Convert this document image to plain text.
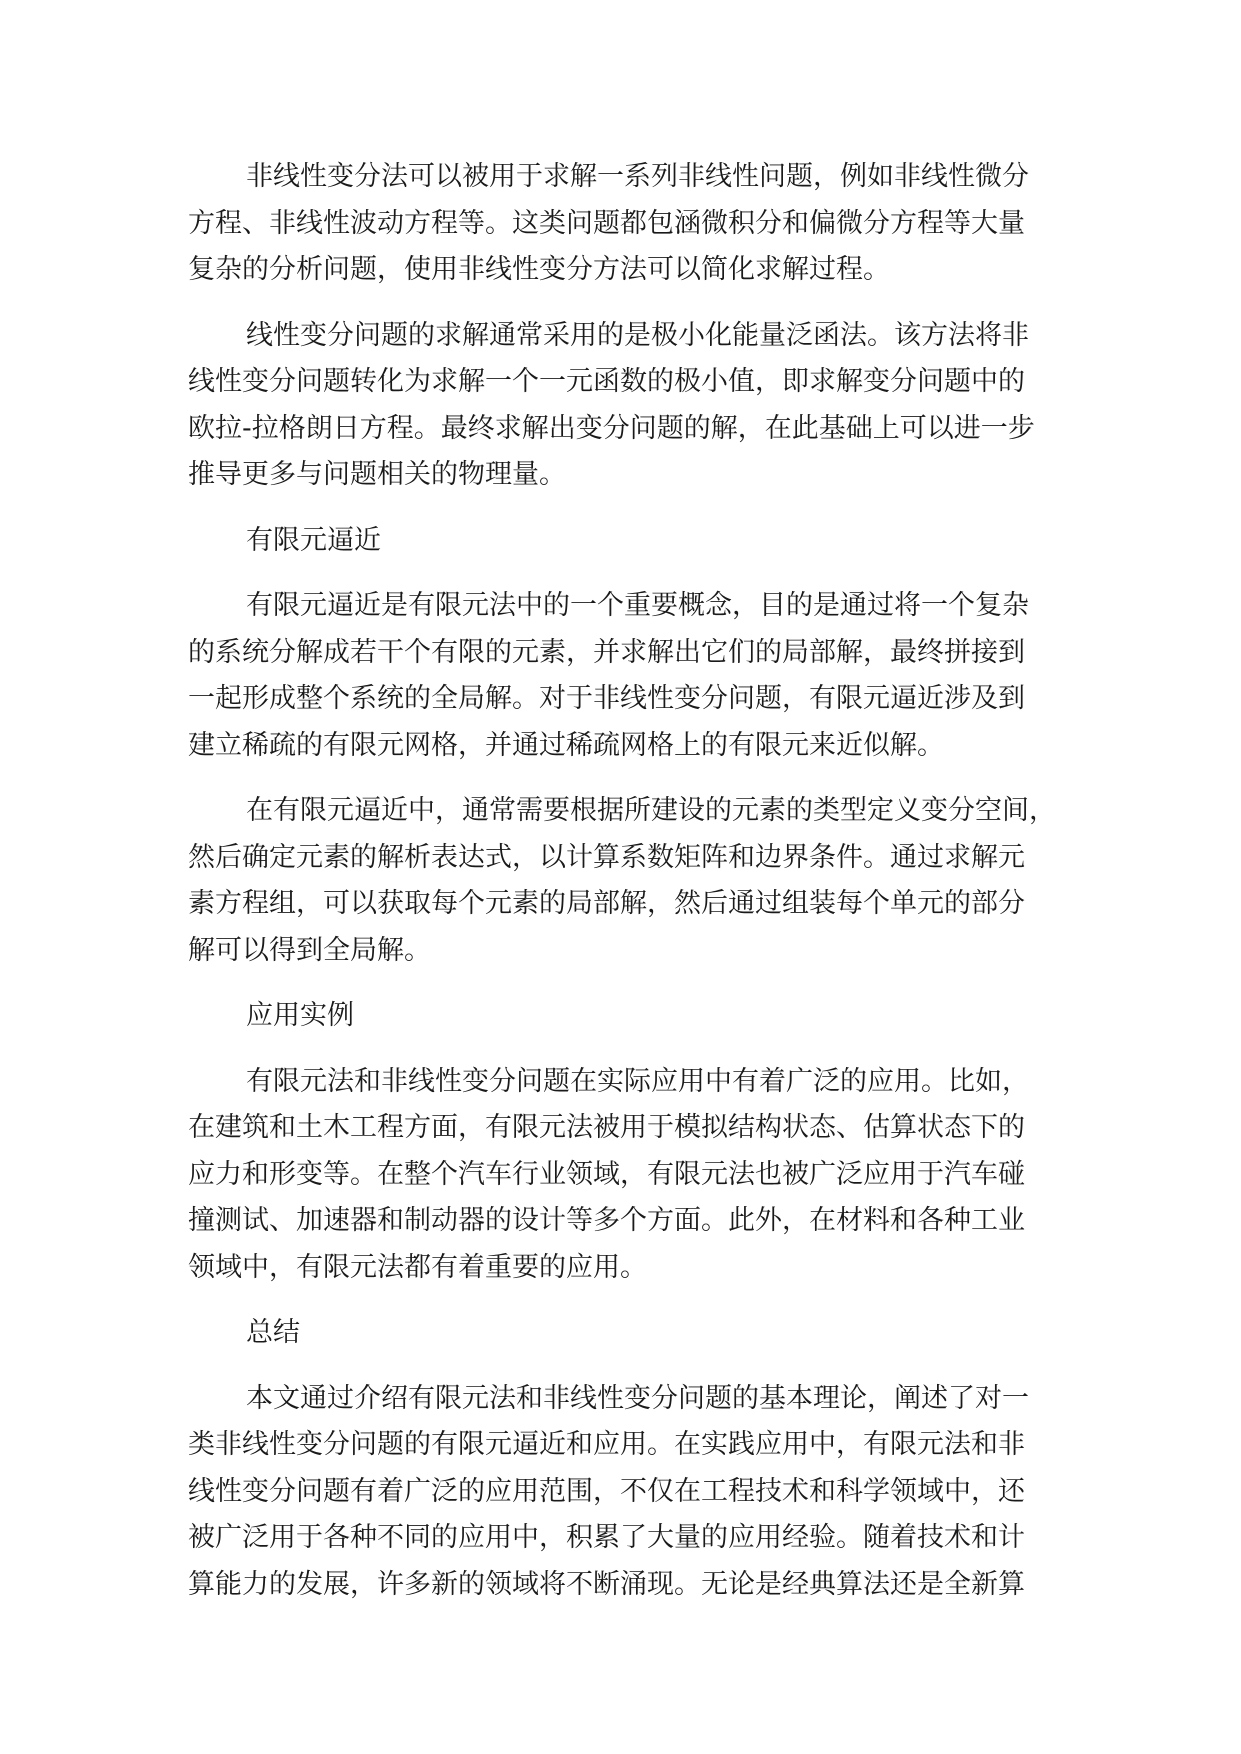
非线性变分法可以被用于求解一系列非线性问题，例如非线性微分
方程、非线性波动方程等。这类问题都包涵微积分和偏微分方程等大量
复杂的分析问题，使用非线性变分方法可以简化求解过程。
线性变分问题的求解通常采用的是极小化能量泛函法。该方法将非
线性变分问题转化为求解一个一元函数的极小值，即求解变分问题中的
欧拉-拉格朗日方程。最终求解出变分问题的解，在此基础上可以进一步
推导更多与问题相关的物理量。
有限元逼近
有限元逼近是有限元法中的一个重要概念，目的是通过将一个复杂
的系统分解成若干个有限的元素，并求解出它们的局部解，最终拼接到
一起形成整个系统的全局解。对于非线性变分问题，有限元逼近涉及到
建立稀疏的有限元网格，并通过稀疏网格上的有限元来近似解。
在有限元逼近中，通常需要根据所建设的元素的类型定义变分空间，
然后确定元素的解析表达式，以计算系数矩阵和边界条件。通过求解元
素方程组，可以获取每个元素的局部解，然后通过组装每个单元的部分
解可以得到全局解。
应用实例
有限元法和非线性变分问题在实际应用中有着广泛的应用。比如，
在建筑和土木工程方面，有限元法被用于模拟结构状态、估算状态下的
应力和形变等。在整个汽车行业领域，有限元法也被广泛应用于汽车碰
撞测试、加速器和制动器的设计等多个方面。此外，在材料和各种工业
领域中，有限元法都有着重要的应用。
总结
本文通过介绍有限元法和非线性变分问题的基本理论，阐述了对一
类非线性变分问题的有限元逼近和应用。在实践应用中，有限元法和非
线性变分问题有着广泛的应用范围，不仅在工程技术和科学领域中，还
被广泛用于各种不同的应用中，积累了大量的应用经验。随着技术和计
算能力的发展，许多新的领域将不断涌现。无论是经典算法还是全新算
